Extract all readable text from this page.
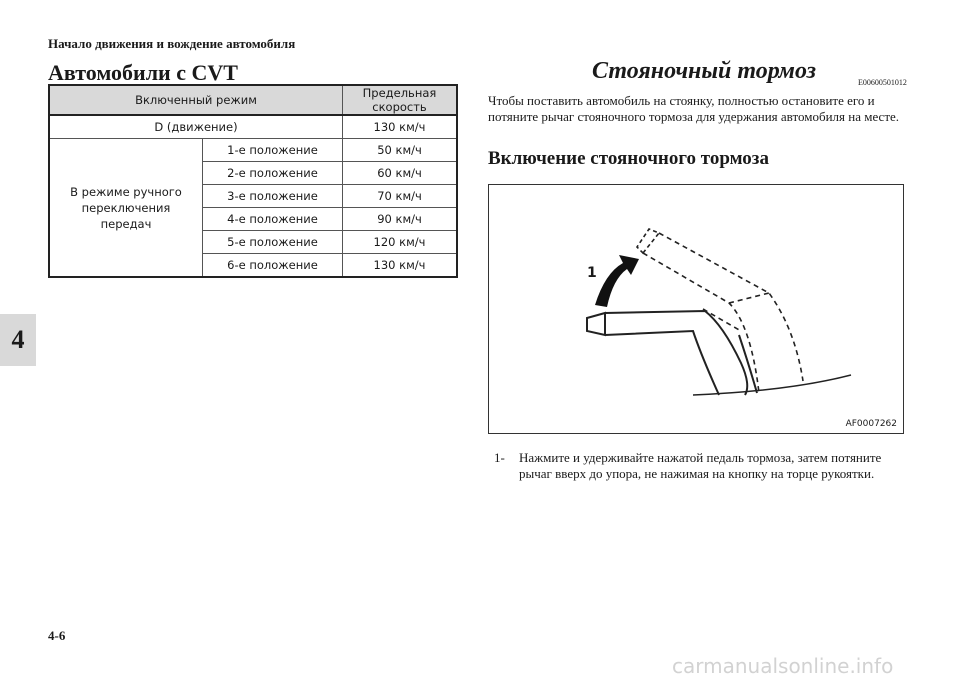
Начало движения и вождение автомобиля
4
Автомобили с CVT
Включенный режим		Предельная скорость
D (движение)		130 км/ч
В режиме ручного переключения передач	1-е положение	50 км/ч
	2-е положение	60 км/ч
	3-е положение	70 км/ч
	4-е положение	90 км/ч
	5-е положение	120 км/ч
	6-е положение	130 км/ч
Стояночный тормоз	E00600501012
Чтобы поставить автомобиль на стоянку, полностью остановите его и потяните рычаг стояночного тормоза для удержания автомобиля на месте.
Включение стояночного тормоза
1
AF0007262
1-	Нажмите и удерживайте нажатой педаль тормоза, затем потяните рычаг вверх до упора, не нажимая на кнопку на торце рукоятки.
4-6
carmanualsonline.info
